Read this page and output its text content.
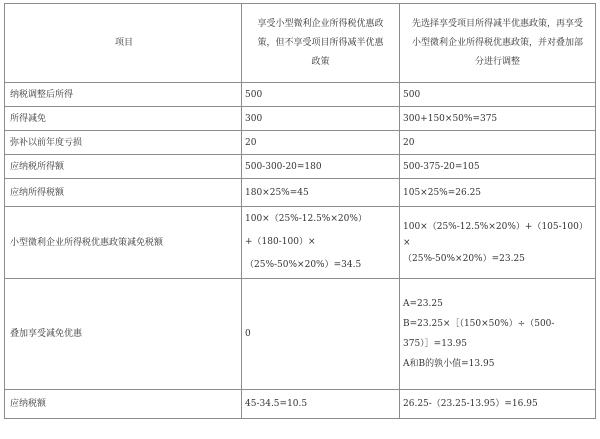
项目	享受小型微利企业所得税优惠政
策，但不享受项目所得减半优惠
政策	先选择享受项目所得减半优惠政策，再享受
小型微利企业所得税优惠政策，并对叠加部
分进行调整

纳税调整后所得	500	500

所得减免	300	300+150×50%=375

弥补以前年度亏损	20	20

应纳税所得额	500-300-20=180	500-375-20=105

应纳所得税额	180×25%=45	105×25%=26.25

小型微利企业所得税优惠政策减免税额	100×（25%-12.5%×20%）
+（180-100）×
（25%-50%×20%）=34.5	100×（25%-12.5%×20%）+（105-100）×
（25%-50%×20%）=23.25

叠加享受减免优惠	0	A=23.25
B=23.25×［（150×50%）÷（500-
375）］=13.95
A和B的孰小值=13.95

应纳税额	45-34.5=10.5	26.25-（23.25-13.95）=16.95
